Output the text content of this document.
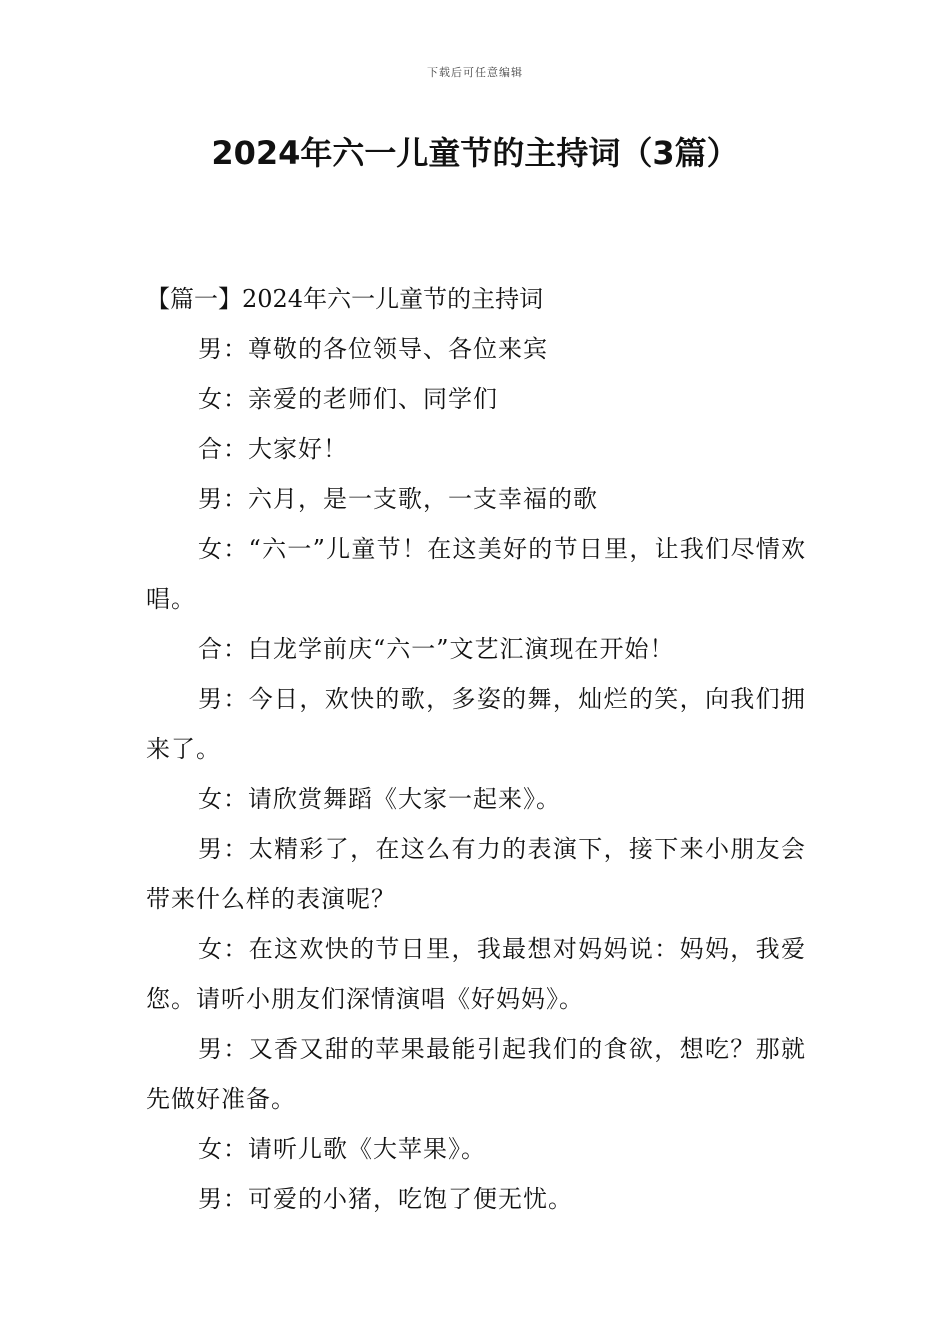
下载后可任意编辑
2024年六一儿童节的主持词（3篇）

【篇一】2024年六一儿童节的主持词

男：尊敬的各位领导、各位来宾

女：亲爱的老师们、同学们

合：大家好！

男：六月，是一支歌，一支幸福的歌

女：“六一”儿童节！在这美好的节日里，让我们尽情欢唱。

合：白龙学前庆“六一”文艺汇演现在开始！

男：今日，欢快的歌，多姿的舞，灿烂的笑，向我们拥来了。

女：请欣赏舞蹈《大家一起来》。

男：太精彩了，在这么有力的表演下，接下来小朋友会带来什么样的表演呢？

女：在这欢快的节日里，我最想对妈妈说：妈妈，我爱您。请听小朋友们深情演唱《好妈妈》。

男：又香又甜的苹果最能引起我们的食欲，想吃？那就先做好准备。

女：请听儿歌《大苹果》。

男：可爱的小猪，吃饱了便无忧。
